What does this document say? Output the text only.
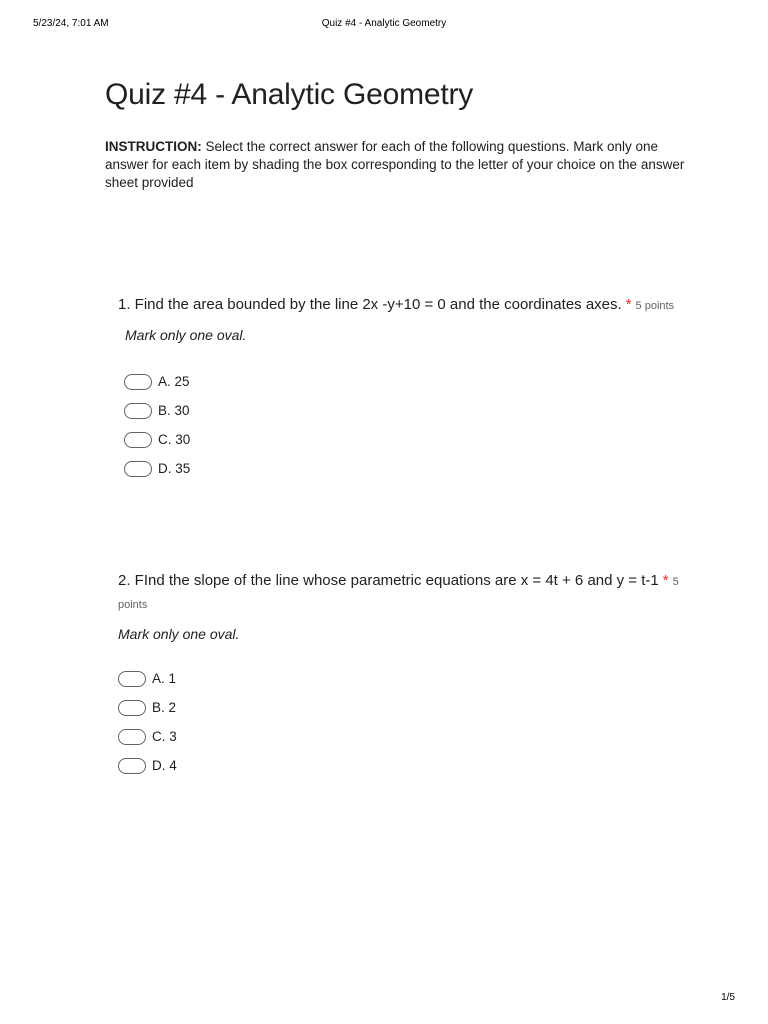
5/23/24, 7:01 AM	Quiz #4 - Analytic Geometry
Quiz #4 - Analytic Geometry
INSTRUCTION: Select the correct answer for each of the following questions. Mark only one answer for each item by shading the box corresponding to the letter of your choice on the answer sheet provided
1. Find the area bounded by the line 2x -y+10 = 0 and the coordinates axes. * 5 points
Mark only one oval.
A. 25
B. 30
C. 30
D. 35
2. FInd the slope of the line whose parametric equations are x = 4t + 6 and y = t-1 * 5 points
Mark only one oval.
A. 1
B. 2
C. 3
D. 4
1/5
